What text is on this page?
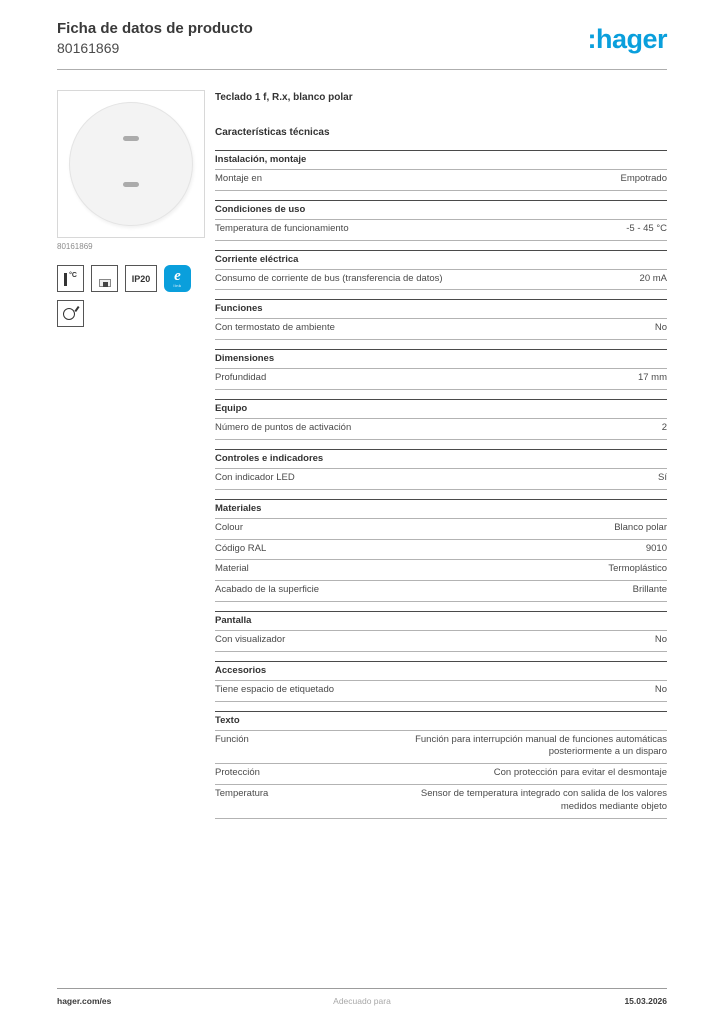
Ficha de datos de producto
80161869	:hager
80161869
°C	IP20 e
link
Teclado 1 f, R.x, blanco polar
Características técnicas
Instalación, montaje
Montaje en	Empotrado
Condiciones de uso
Temperatura de funcionamiento	-5 - 45 °C
Corriente eléctrica
Consumo de corriente de bus (transferencia de datos)	20 mA
Funciones
Con termostato de ambiente	No
Dimensiones
Profundidad	17 mm
Equipo
Número de puntos de activación	2
Controles e indicadores
Con indicador LED	Sí
Materiales
Colour	Blanco polar
Código RAL	9010
Material	Termoplástico
Acabado de la superficie	Brillante
Pantalla
Con visualizador	No
Accesorios
Tiene espacio de etiquetado	No
Texto
Función	Función para interrupción manual de funciones automáticas posteriormente a un disparo
Protección	Con protección para evitar el desmontaje
Temperatura	Sensor de temperatura integrado con salida de los valores medidos mediante objeto
hager.com/es	Adecuado para	15.03.2026
